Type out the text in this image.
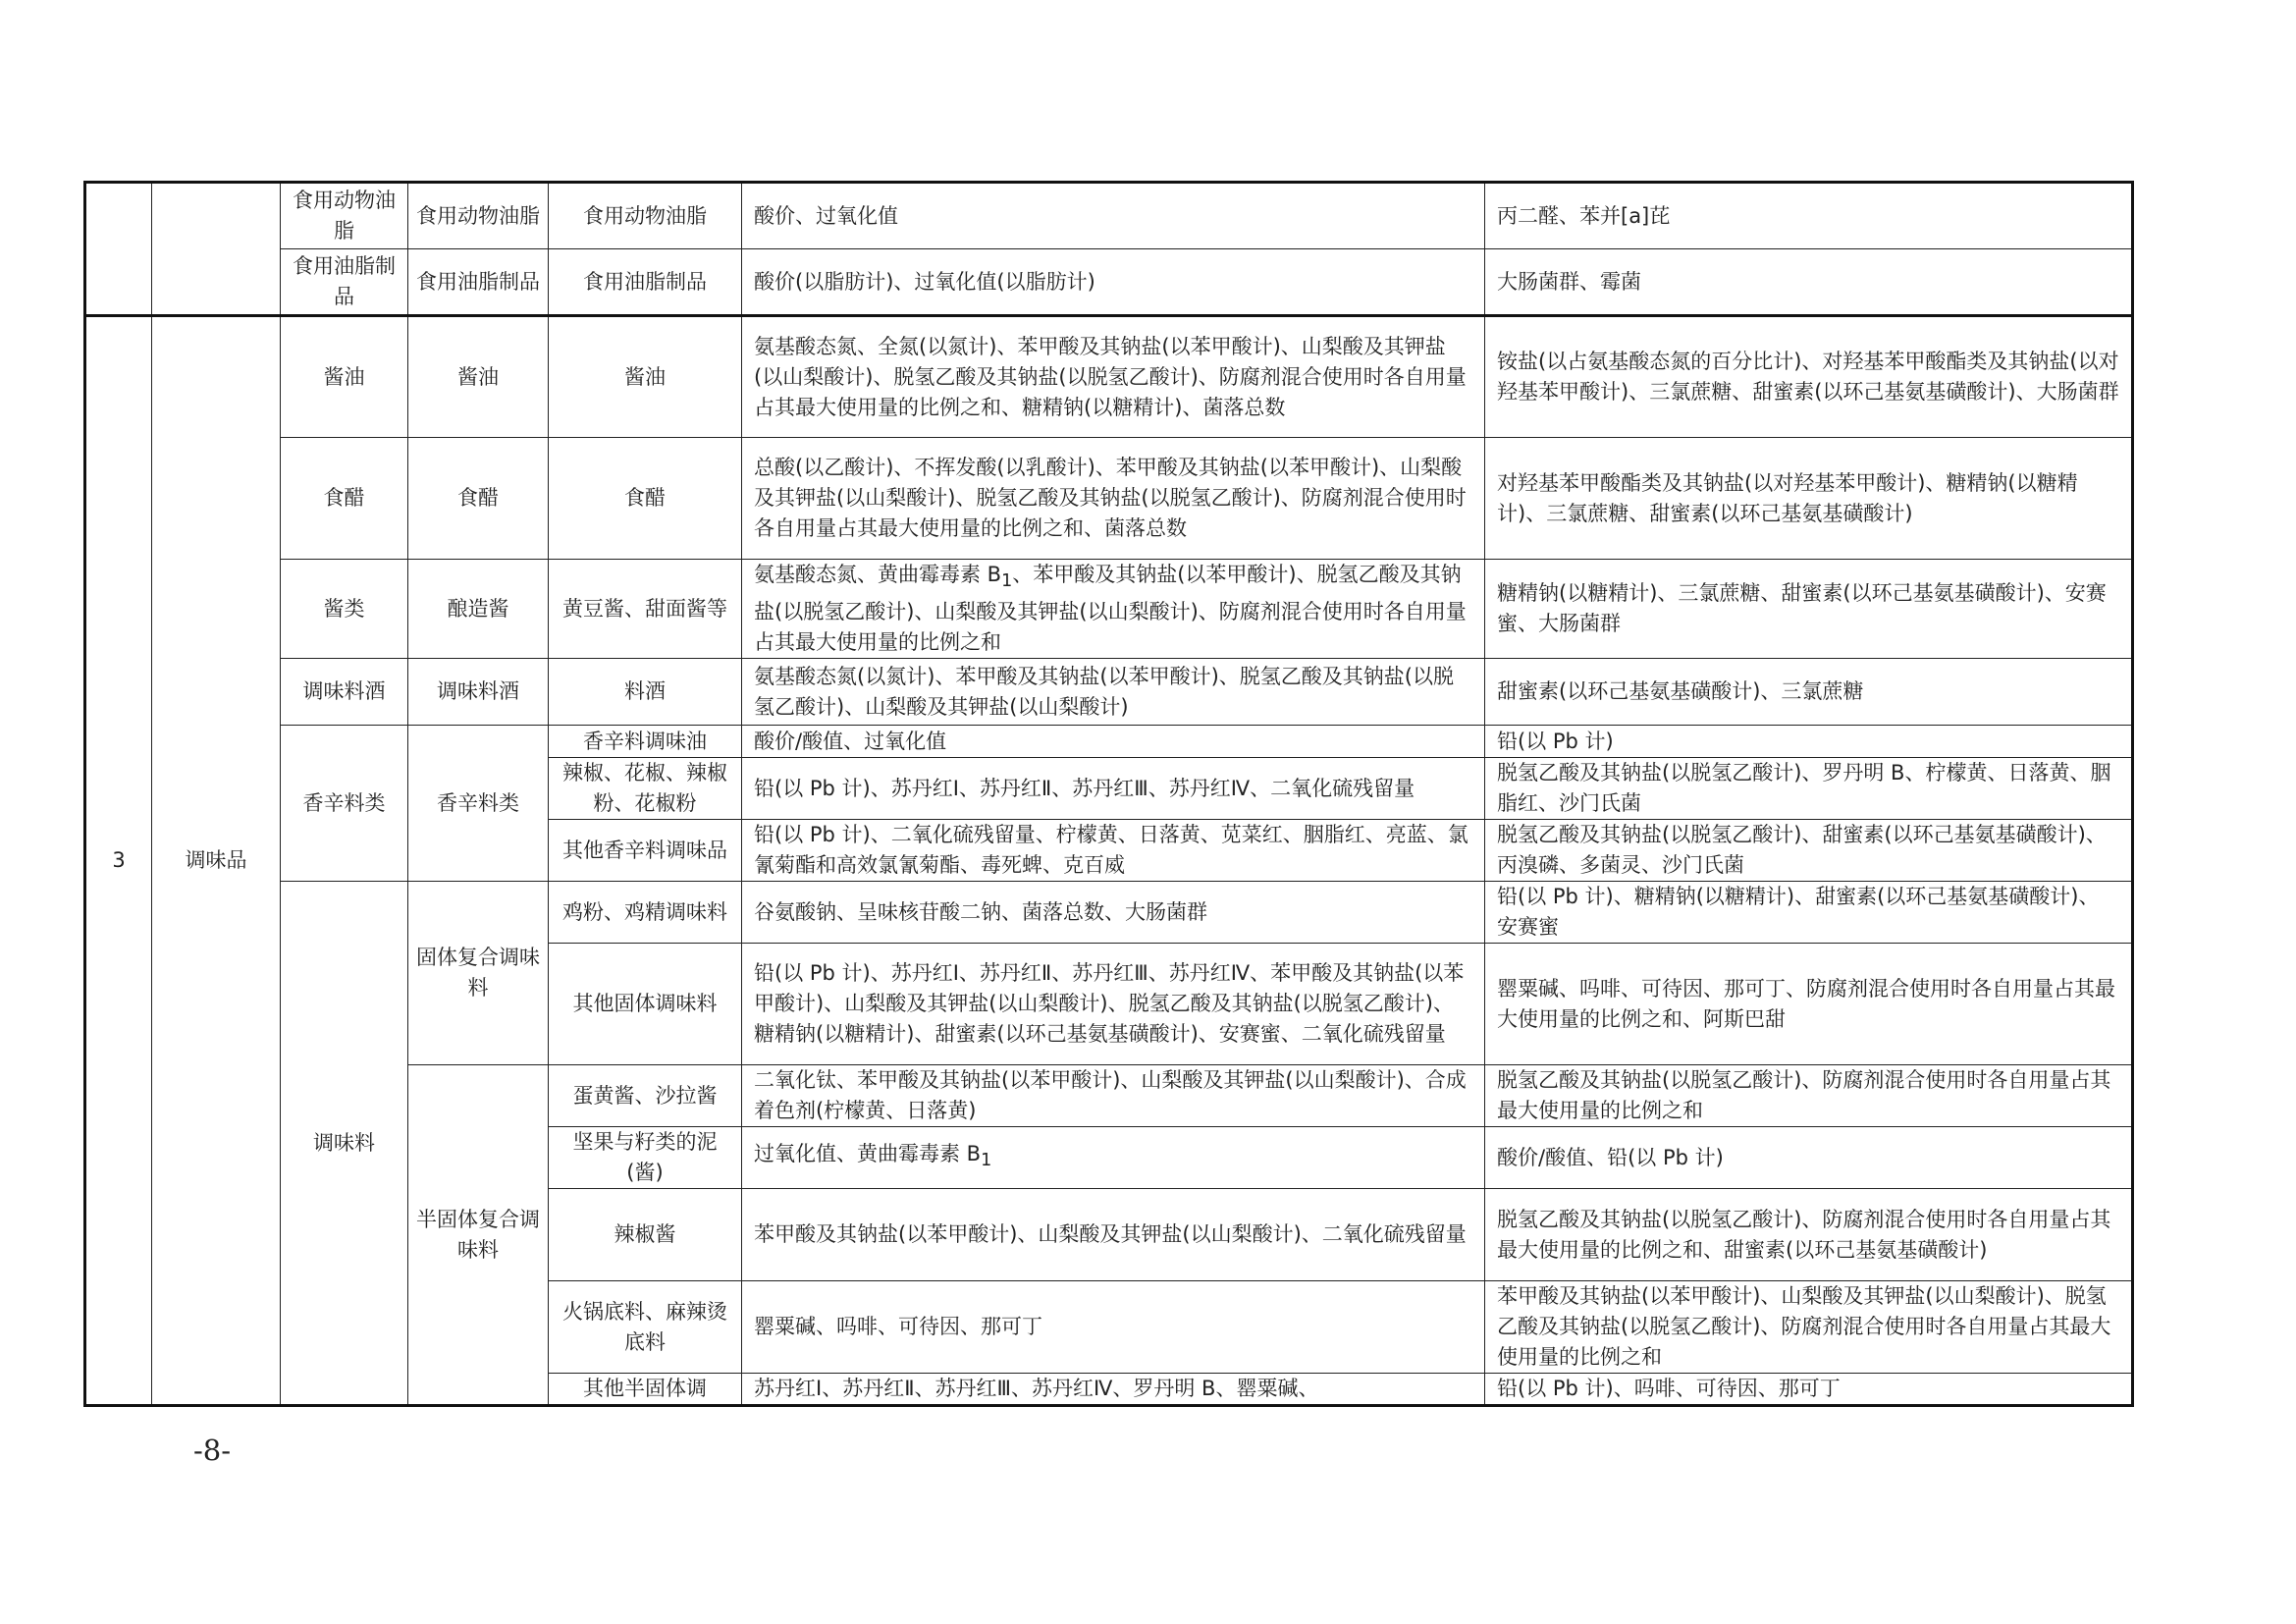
		食用动物油脂	食用动物油脂	食用动物油脂	酸价、过氧化值	丙二醛、苯并[a]芘
		食用油脂制品	食用油脂制品	食用油脂制品	酸价(以脂肪计)、过氧化值(以脂肪计)	大肠菌群、霉菌
3	调味品	酱油	酱油	酱油	氨基酸态氮、全氮(以氮计)、苯甲酸及其钠盐(以苯甲酸计)、山梨酸及其钾盐(以山梨酸计)、脱氢乙酸及其钠盐(以脱氢乙酸计)、防腐剂混合使用时各自用量占其最大使用量的比例之和、糖精钠(以糖精计)、菌落总数	铵盐(以占氨基酸态氮的百分比计)、对羟基苯甲酸酯类及其钠盐(以对羟基苯甲酸计)、三氯蔗糖、甜蜜素(以环己基氨基磺酸计)、大肠菌群
		食醋	食醋	食醋	总酸(以乙酸计)、不挥发酸(以乳酸计)、苯甲酸及其钠盐(以苯甲酸计)、山梨酸及其钾盐(以山梨酸计)、脱氢乙酸及其钠盐(以脱氢乙酸计)、防腐剂混合使用时各自用量占其最大使用量的比例之和、菌落总数	对羟基苯甲酸酯类及其钠盐(以对羟基苯甲酸计)、糖精钠(以糖精计)、三氯蔗糖、甜蜜素(以环己基氨基磺酸计)
		酱类	酿造酱	黄豆酱、甜面酱等	氨基酸态氮、黄曲霉毒素 $B_1$、苯甲酸及其钠盐(以苯甲酸计)、脱氢乙酸及其钠盐(以脱氢乙酸计)、山梨酸及其钾盐(以山梨酸计)、防腐剂混合使用时各自用量占其最大使用量的比例之和	糖精钠(以糖精计)、三氯蔗糖、甜蜜素(以环己基氨基磺酸计)、安赛蜜、大肠菌群
		调味料酒	调味料酒	料酒	氨基酸态氮(以氮计)、苯甲酸及其钠盐(以苯甲酸计)、脱氢乙酸及其钠盐(以脱氢乙酸计)、山梨酸及其钾盐(以山梨酸计)	甜蜜素(以环己基氨基磺酸计)、三氯蔗糖
		香辛料类	香辛料类	香辛料调味油	酸价/酸值、过氧化值	铅(以 Pb 计)
				辣椒、花椒、辣椒粉、花椒粉	铅(以 Pb 计)、苏丹红Ⅰ、苏丹红Ⅱ、苏丹红Ⅲ、苏丹红Ⅳ、二氧化硫残留量	脱氢乙酸及其钠盐(以脱氢乙酸计)、罗丹明 B、柠檬黄、日落黄、胭脂红、沙门氏菌
				其他香辛料调味品	铅(以 Pb 计)、二氧化硫残留量、柠檬黄、日落黄、苋菜红、胭脂红、亮蓝、氯氰菊酯和高效氯氰菊酯、毒死蜱、克百威	脱氢乙酸及其钠盐(以脱氢乙酸计)、甜蜜素(以环己基氨基磺酸计)、丙溴磷、多菌灵、沙门氏菌
		调味料	固体复合调味料	鸡粉、鸡精调味料	谷氨酸钠、呈味核苷酸二钠、菌落总数、大肠菌群	铅(以 Pb 计)、糖精钠(以糖精计)、甜蜜素(以环己基氨基磺酸计)、安赛蜜
				其他固体调味料	铅(以 Pb 计)、苏丹红Ⅰ、苏丹红Ⅱ、苏丹红Ⅲ、苏丹红Ⅳ、苯甲酸及其钠盐(以苯甲酸计)、山梨酸及其钾盐(以山梨酸计)、脱氢乙酸及其钠盐(以脱氢乙酸计)、糖精钠(以糖精计)、甜蜜素(以环己基氨基磺酸计)、安赛蜜、二氧化硫残留量	罂粟碱、吗啡、可待因、那可丁、防腐剂混合使用时各自用量占其最大使用量的比例之和、阿斯巴甜
			半固体复合调味料	蛋黄酱、沙拉酱	二氧化钛、苯甲酸及其钠盐(以苯甲酸计)、山梨酸及其钾盐(以山梨酸计)、合成着色剂(柠檬黄、日落黄)	脱氢乙酸及其钠盐(以脱氢乙酸计)、防腐剂混合使用时各自用量占其最大使用量的比例之和
				坚果与籽类的泥(酱)	过氧化值、黄曲霉毒素 $B_1$	酸价/酸值、铅(以 Pb 计)
				辣椒酱	苯甲酸及其钠盐(以苯甲酸计)、山梨酸及其钾盐(以山梨酸计)、二氧化硫残留量	脱氢乙酸及其钠盐(以脱氢乙酸计)、防腐剂混合使用时各自用量占其最大使用量的比例之和、甜蜜素(以环己基氨基磺酸计)
				火锅底料、麻辣烫底料	罂粟碱、吗啡、可待因、那可丁	苯甲酸及其钠盐(以苯甲酸计)、山梨酸及其钾盐(以山梨酸计)、脱氢乙酸及其钠盐(以脱氢乙酸计)、防腐剂混合使用时各自用量占其最大使用量的比例之和
				其他半固体调	苏丹红Ⅰ、苏丹红Ⅱ、苏丹红Ⅲ、苏丹红Ⅳ、罗丹明 B、罂粟碱、	铅(以 Pb 计)、吗啡、可待因、那可丁
-8-
